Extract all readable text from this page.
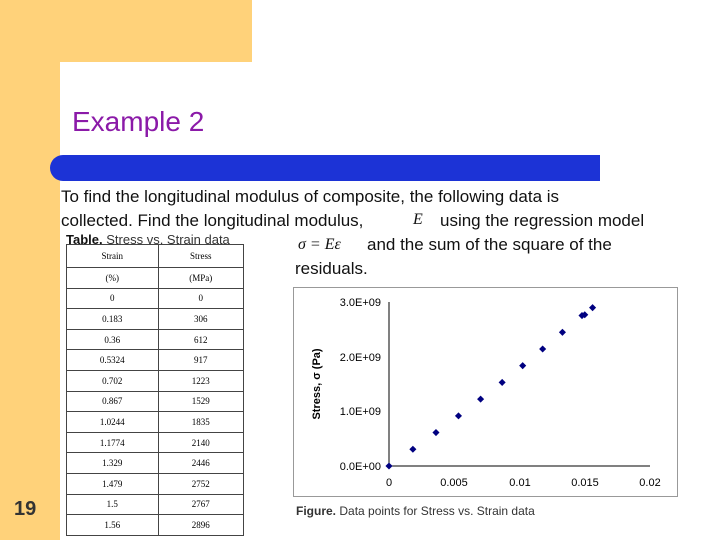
19
Example 2
To find the longitudinal modulus of composite, the following data is
collected. Find the longitudinal modulus,	E using the regression model
σ = Eε and the sum of the square of the
residuals.
Table. Stress vs. Strain data
Strain	Stress
(%)	(MPa)
0	0
0.183	306
0.36	612
0.5324	917
0.702	1223
0.867	1529
1.0244	1835
1.1774	2140
1.329	2446
1.479	2752
1.5	2767
1.56	2896
0.0E+00
1.0E+09
2.0E+09
3.0E+09
0	0.005	0.01	0.015	0.02
Stress, σ (Pa)
Figure. Data points for Stress vs. Strain data
